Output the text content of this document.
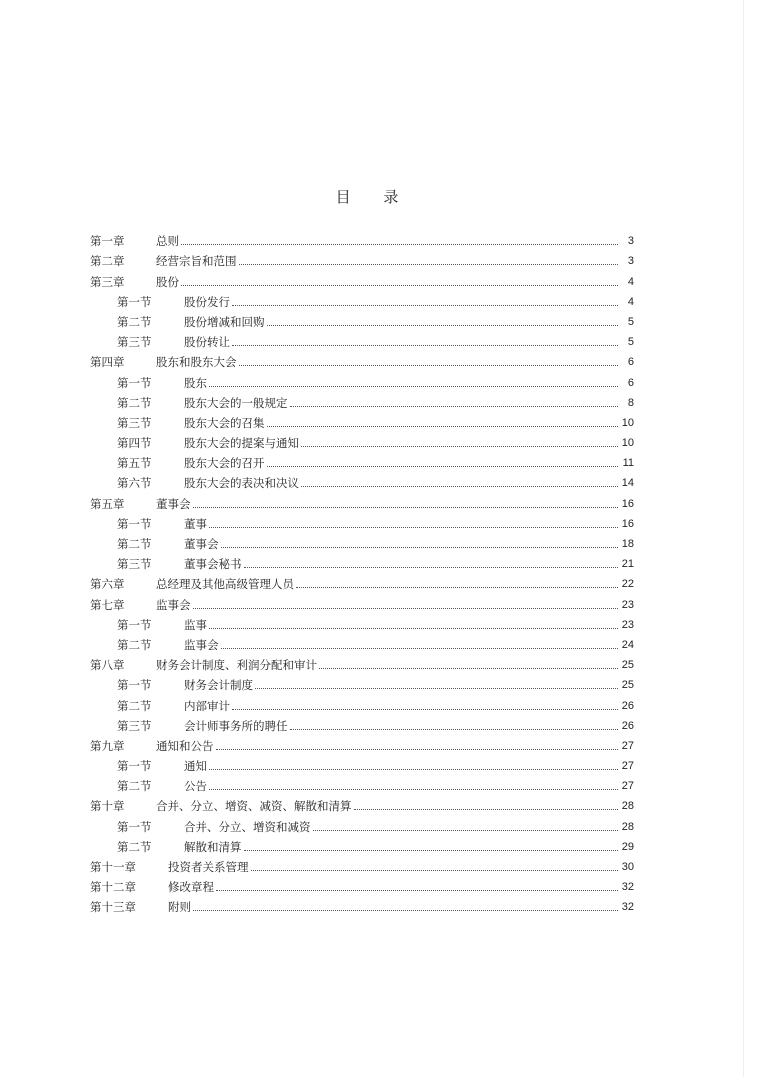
目 录
第一章	总则	3
第二章	经营宗旨和范围	3
第三章	股份	4
第一节	股份发行	4
第二节	股份增减和回购	5
第三节	股份转让	5
第四章	股东和股东大会	6
第一节	股东	6
第二节	股东大会的一般规定	8
第三节	股东大会的召集	10
第四节	股东大会的提案与通知	10
第五节	股东大会的召开	11
第六节	股东大会的表决和决议	14
第五章	董事会	16
第一节	董事	16
第二节	董事会	18
第三节	董事会秘书	21
第六章	总经理及其他高级管理人员	22
第七章	监事会	23
第一节	监事	23
第二节	监事会	24
第八章	财务会计制度、利润分配和审计	25
第一节	财务会计制度	25
第二节	内部审计	26
第三节	会计师事务所的聘任	26
第九章	通知和公告	27
第一节	通知	27
第二节	公告	27
第十章	合并、分立、增资、减资、解散和清算	28
第一节	合并、分立、增资和减资	28
第二节	解散和清算	29
第十一章	投资者关系管理	30
第十二章	修改章程	32
第十三章	附则	32
